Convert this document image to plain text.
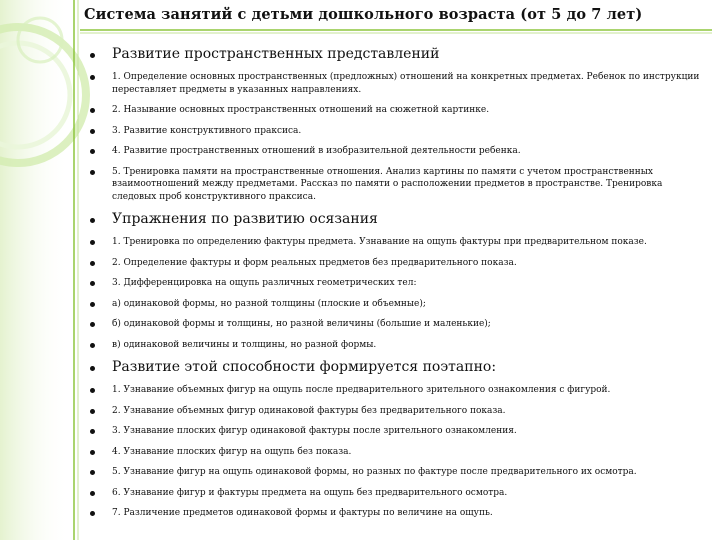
Система занятий с детьми дошкольного возраста (от 5 до 7 лет)
Развитие пространственных представлений
1. Определение основных пространственных (предложных) отношений на конкретных предметах. Ребенок по инструкции переставляет предметы в указанных направлениях.
2. Называние основных пространственных отношений на сюжетной картинке.
3. Развитие конструктивного праксиса.
4. Развитие пространственных отношений в изобразительной деятельности ребенка.
5. Тренировка памяти на пространственные отношения. Анализ картины по памяти с учетом пространственных взаимоотношений между предметами. Рассказ по памяти о расположении предметов в пространстве. Тренировка следовых проб конструктивного праксиса.
Упражнения по развитию осязания
1. Тренировка по определению фактуры предмета. Узнавание на ощупь фактуры при предварительном показе.
2. Определение фактуры и форм реальных предметов без предварительного показа.
3. Дифференцировка на ощупь различных геометрических тел:
а) одинаковой формы, но разной толщины (плоские и объемные);
б) одинаковой формы и толщины, но разной величины (большие и маленькие);
в) одинаковой величины и толщины, но разной формы.
Развитие этой способности формируется поэтапно:
1. Узнавание объемных фигур на ощупь после предварительного зрительного ознакомления с фигурой.
2. Узнавание объемных фигур одинаковой фактуры без предварительного показа.
3. Узнавание плоских фигур одинаковой фактуры после зрительного ознакомления.
4. Узнавание плоских фигур на ощупь без показа.
5. Узнавание фигур на ощупь одинаковой формы, но разных по фактуре после предварительного их осмотра.
6. Узнавание фигур и фактуры предмета на ощупь без предварительного осмотра.
7. Различение предметов одинаковой формы и фактуры по величине на ощупь.
